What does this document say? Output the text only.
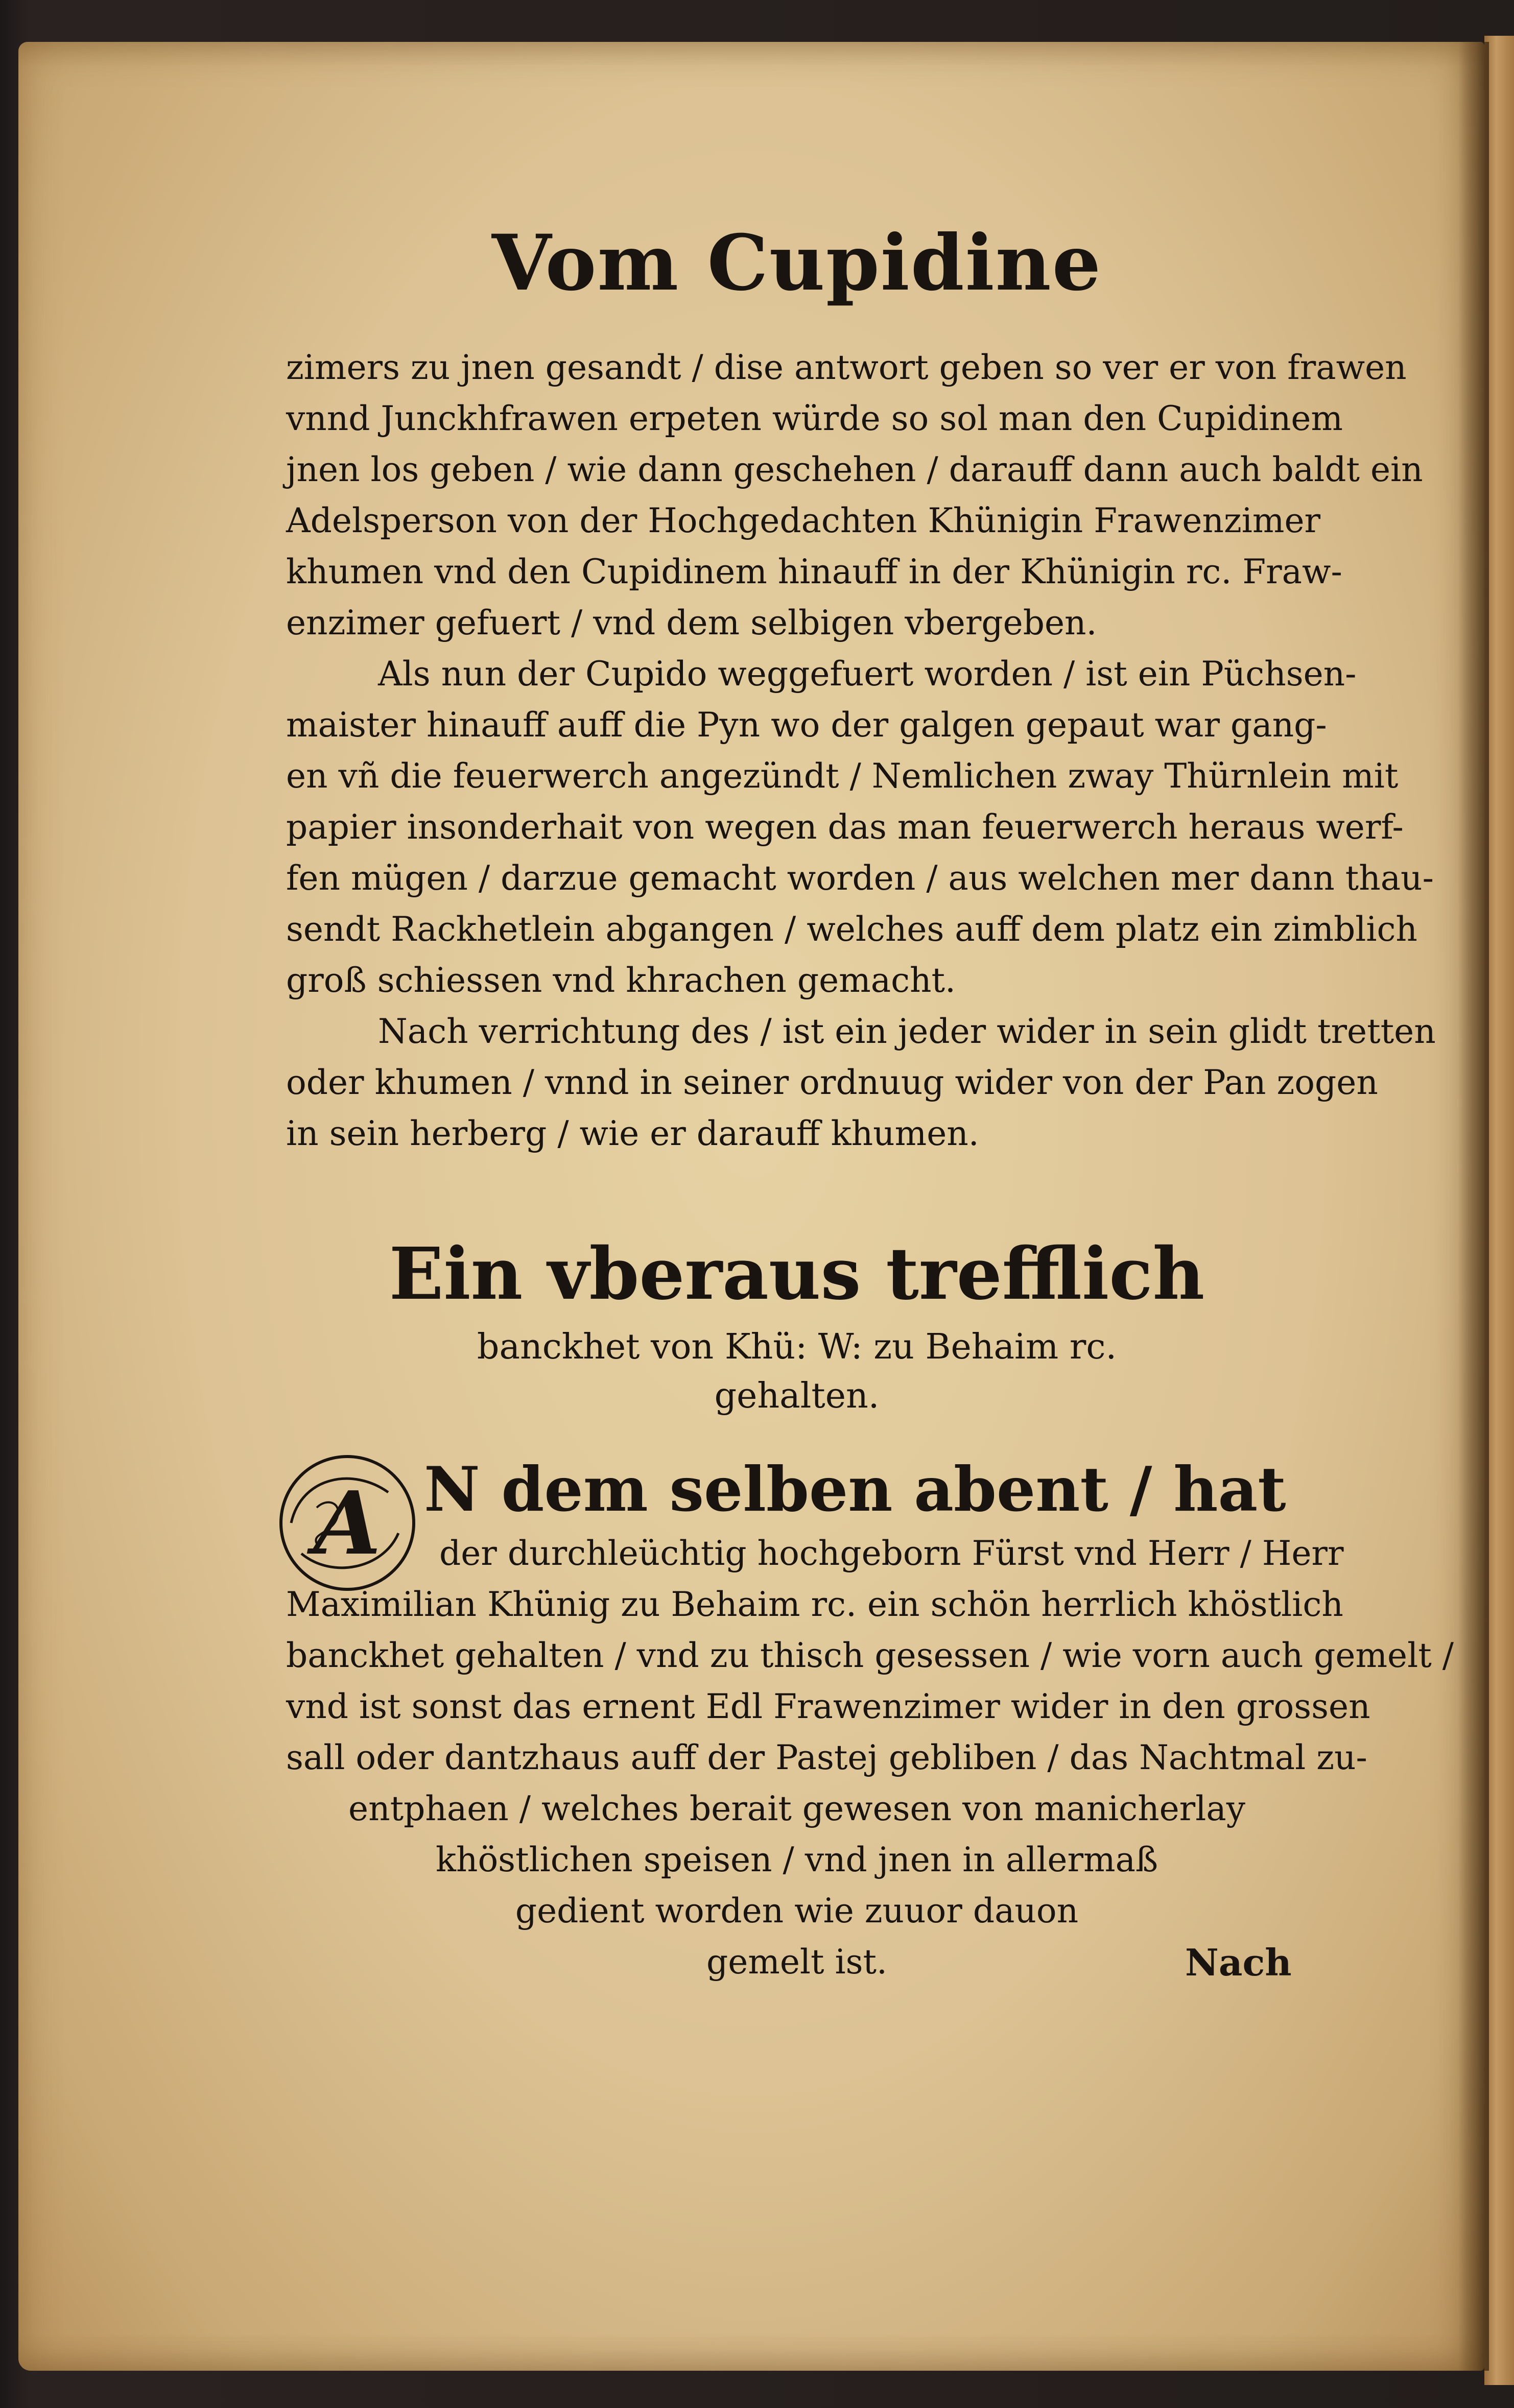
Vom Cupidine

zimers zu jnen gesandt / dise antwort geben so ver er von frawen
vnnd Junckhfrawen erpeten würde so sol man den Cupidinem
jnen los geben / wie dann geschehen / darauff dann auch baldt ein
Adelsperson von der Hochgedachten Khünigin Frawenzimer
khumen vnd den Cupidinem hinauff in der Khünigin rc. Fraw-
enzimer gefuert / vnd dem selbigen vbergeben.

Als nun der Cupido weggefuert worden / ist ein Püchsen-
maister hinauff auff die Pyn wo der galgen gepaut war gang-
en vñ die feuerwerch angezündt / Nemlichen zway Thürnlein mit
papier insonderhait von wegen das man feuerwerch heraus werf-
fen mügen / darzue gemacht worden / aus welchen mer dann thau-
sendt Rackhetlein abgangen / welches auff dem platz ein zimblich
groß schiessen vnd khrachen gemacht.

Nach verrichtung des / ist ein jeder wider in sein glidt tretten
oder khumen / vnnd in seiner ordnuug wider von der Pan zogen
in sein herberg / wie er darauff khumen.

Ein vberaus trefflich

banckhet von Khü: W: zu Behaim rc.
gehalten.

A N dem selben abent / hat

der durchleüchtig hochgeborn Fürst vnd Herr / Herr

Maximilian Khünig zu Behaim rc. ein schön herrlich khöstlich
banckhet gehalten / vnd zu thisch gesessen / wie vorn auch gemelt /
vnd ist sonst das ernent Edl Frawenzimer wider in den grossen
sall oder dantzhaus auff der Pastej gebliben / das Nachtmal zu-

entphaen / welches berait gewesen von manicherlay
khöstlichen speisen / vnd jnen in allermaß
gedient worden wie zuuor dauon
gemelt ist.	Nach
